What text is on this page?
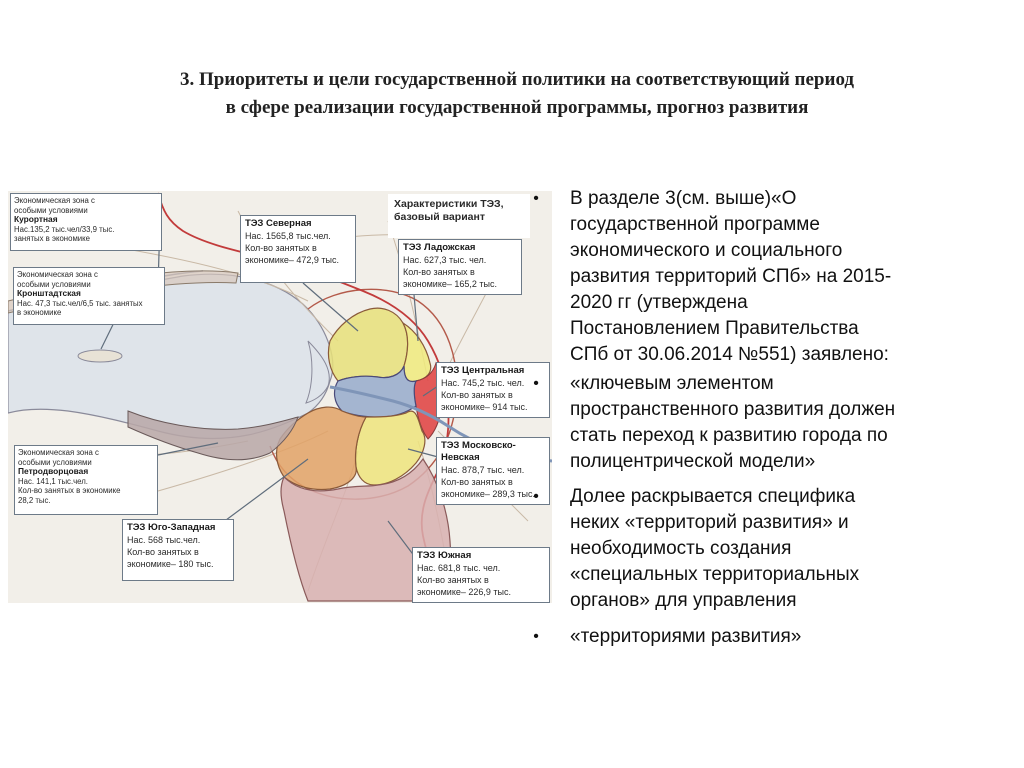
3. Приоритеты и цели государственной политики на соответствующий период
в сфере реализации государственной программы, прогноз развития
Характеристики ТЭЗ,
базовый вариант
Экономическая зона с
особыми условиями
Курортная
Нас.135,2 тыс.чел/33,9 тыс.
занятых в экономике
Экономическая зона с
особыми условиями
Кронштадтская
Нас. 47,3 тыс.чел/6,5 тыс. занятых
в экономике
ТЭЗ Северная
Нас. 1565,8 тыс.чел.
Кол-во занятых в
экономике– 472,9 тыс.
ТЭЗ Ладожская
Нас. 627,3 тыс. чел.
Кол-во занятых в
экономике– 165,2 тыс.
ТЭЗ Центральная
Нас. 745,2 тыс. чел.
Кол-во занятых в
экономике– 914 тыс.
ТЭЗ Московско-
Невская
Нас. 878,7 тыс. чел.
Кол-во занятых в
экономике– 289,3 тыс.
Экономическая зона с
особыми условиями
Петродворцовая
Нас. 141,1 тыс.чел.
Кол-во занятых в экономике
28,2 тыс.
ТЭЗ Юго-Западная
Нас. 568 тыс.чел.
Кол-во занятых в
экономике– 180 тыс.
ТЭЗ Южная
Нас. 681,8 тыс. чел.
Кол-во занятых в
экономике– 226,9 тыс.
• В разделе 3(см. выше)«О
государственной программе
экономического и социального
развития территорий СПб» на 2015-
2020 гг (утверждена
Постановлением Правительства
СПб от 30.06.2014 №551) заявлено:
• «ключевым элементом
пространственного развития должен
стать переход к развитию города по
полицентрической модели»
• Долее раскрывается специфика
неких «территорий развития» и
необходимость создания
«специальных территориальных
органов» для управления
• «территориями развития»
